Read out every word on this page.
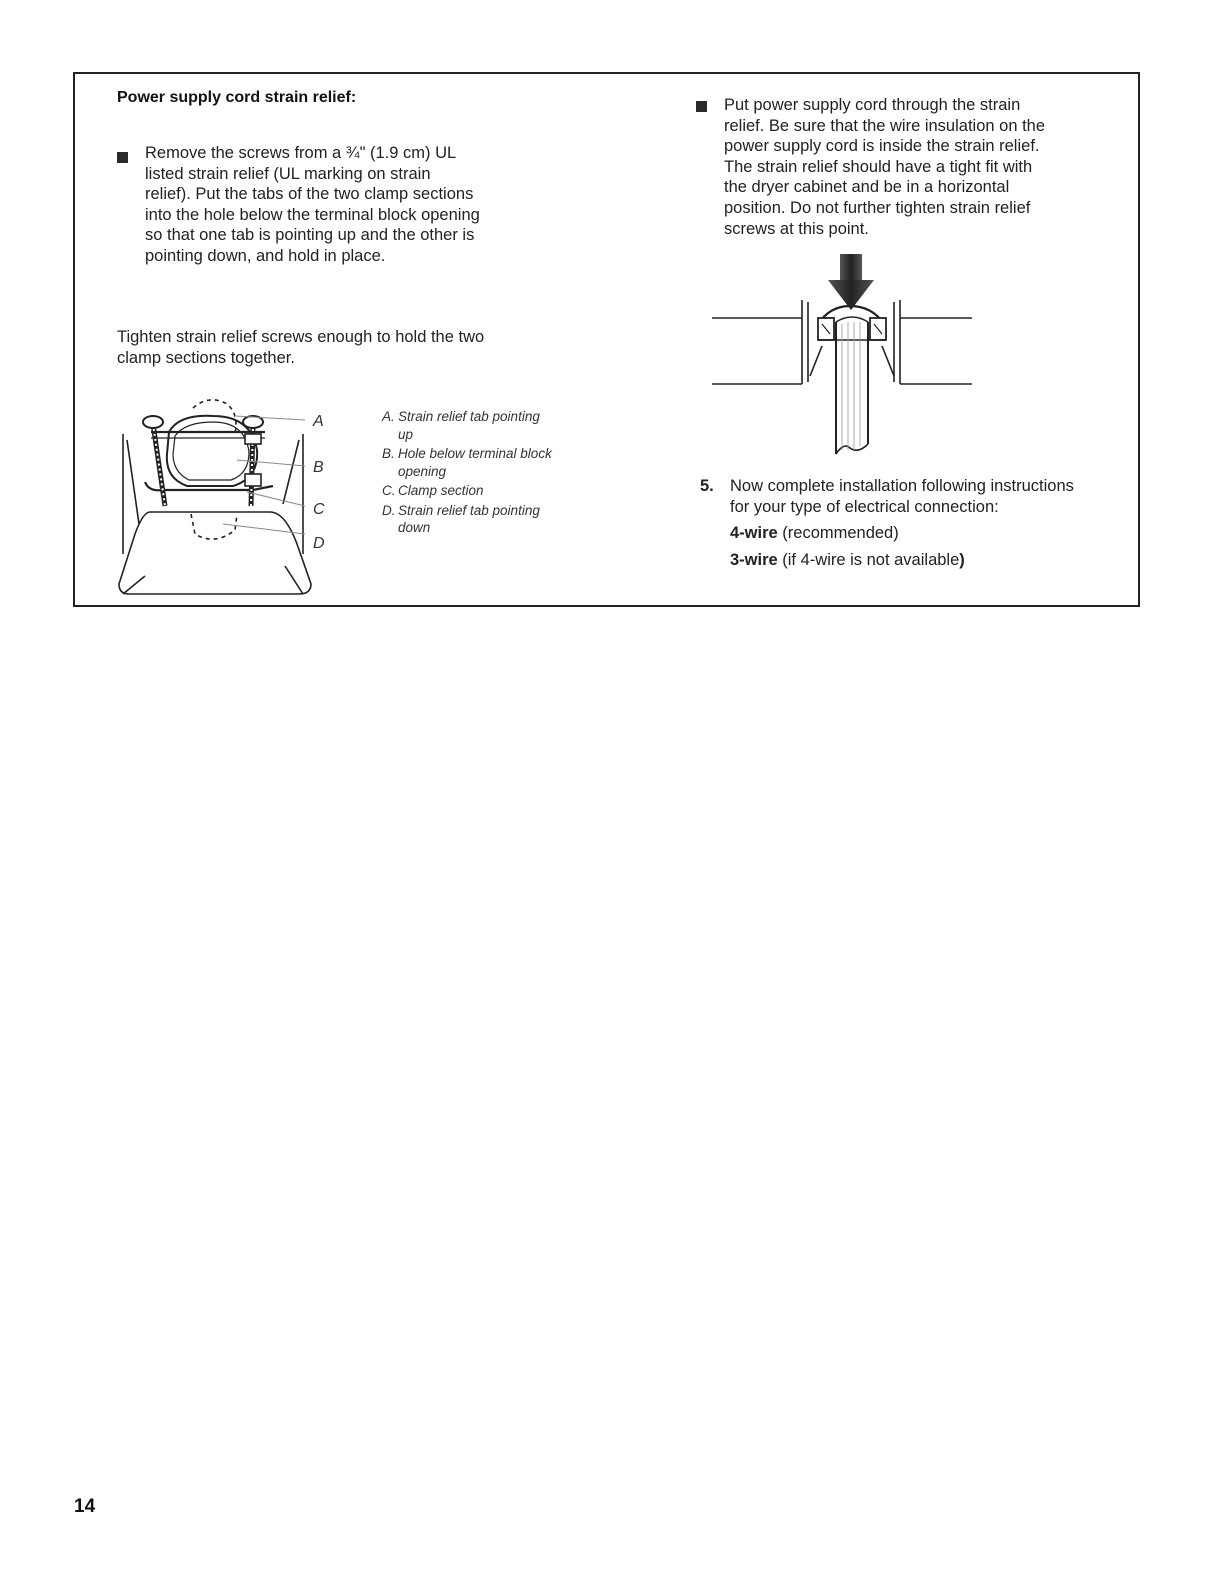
Power supply cord strain relief:

Remove the screws from a ¾" (1.9 cm) UL listed strain relief (UL marking on strain relief). Put the tabs of the two clamp sections into the hole below the terminal block opening so that one tab is pointing up and the other is pointing down, and hold in place.

Tighten strain relief screws enough to hold the two clamp sections together.

A
B
C
D
A. Strain relief tab pointing up
B. Hole below terminal block opening
C. Clamp section
D. Strain relief tab pointing down

Put power supply cord through the strain relief. Be sure that the wire insulation on the power supply cord is inside the strain relief. The strain relief should have a tight fit with the dryer cabinet and be in a horizontal position. Do not further tighten strain relief screws at this point.

5. Now complete installation following instructions for your type of electrical connection:
4-wire (recommended)
3-wire (if 4-wire is not available)
14
